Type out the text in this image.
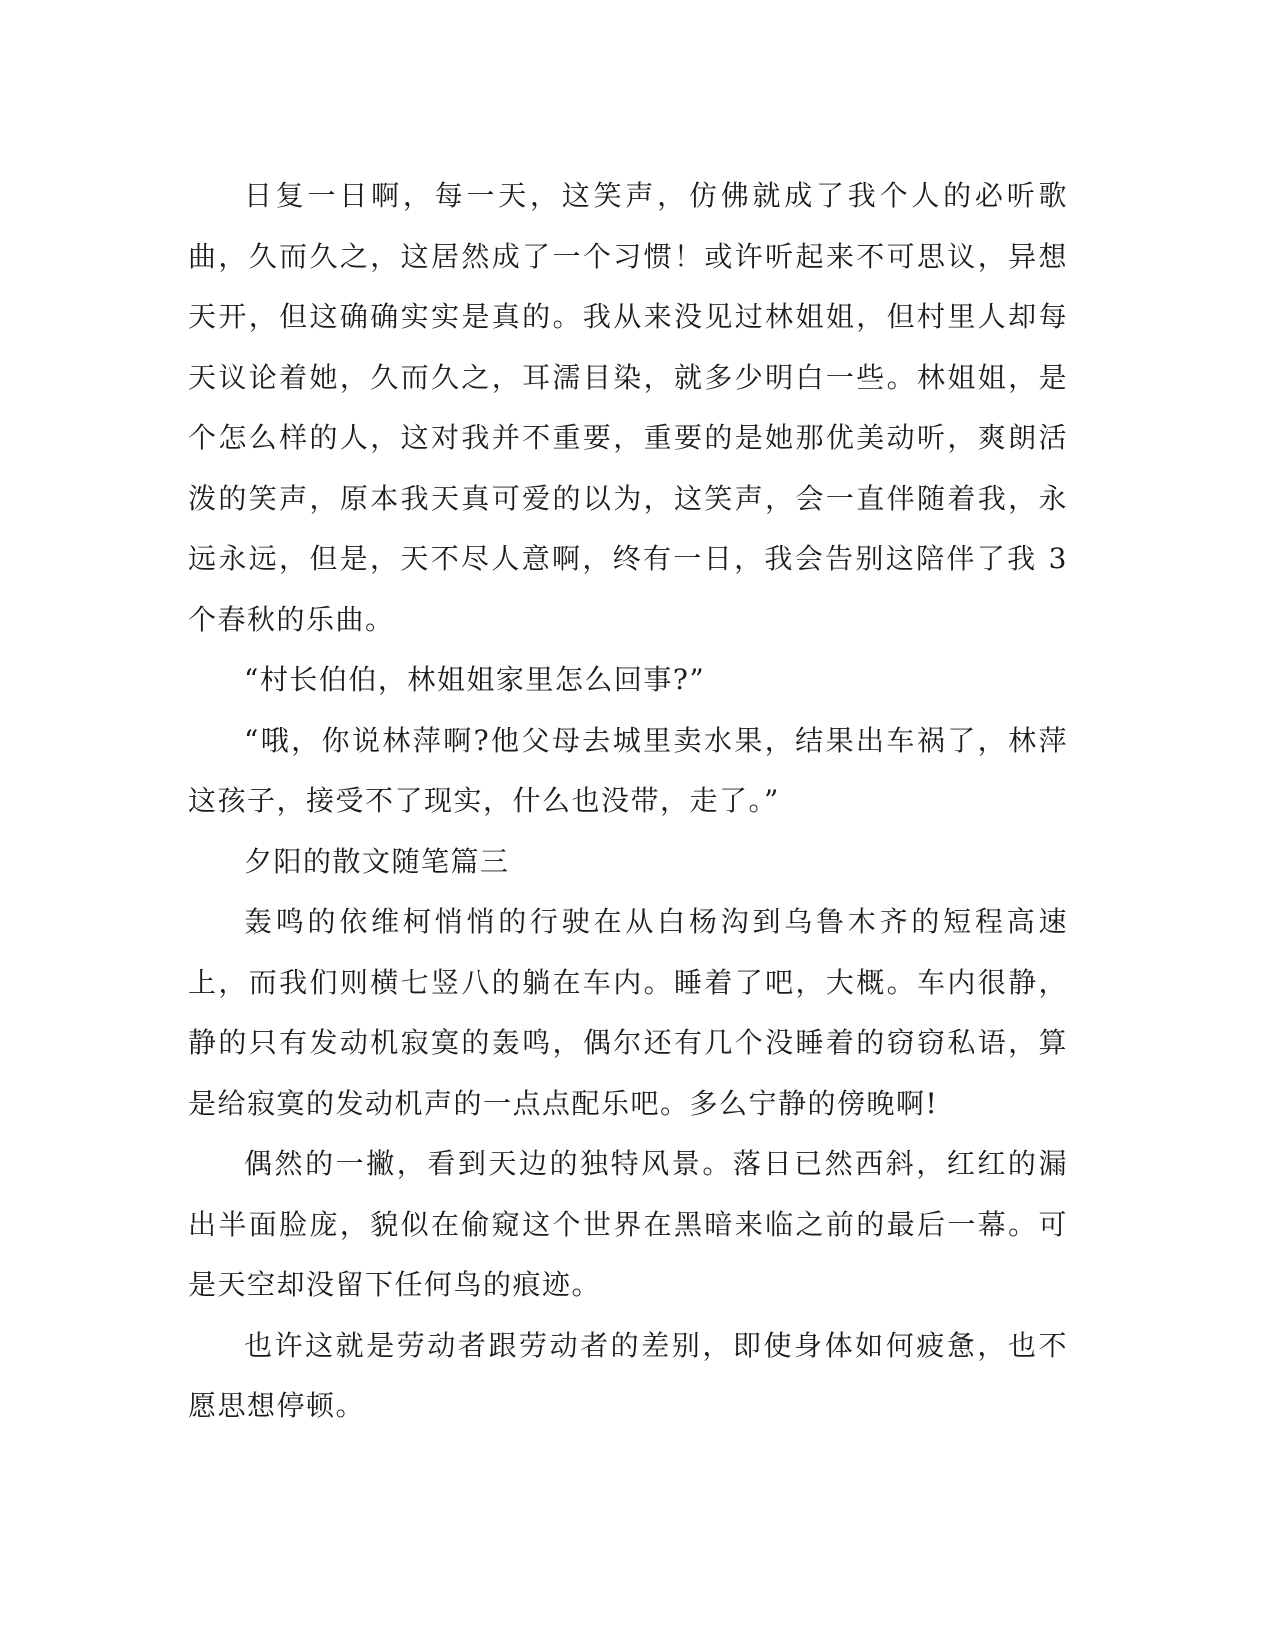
日复一日啊，每一天，这笑声，仿佛就成了我个人的必听歌曲，久而久之，这居然成了一个习惯！或许听起来不可思议，异想天开，但这确确实实是真的。我从来没见过林姐姐，但村里人却每天议论着她，久而久之，耳濡目染，就多少明白一些。林姐姐，是个怎么样的人，这对我并不重要，重要的是她那优美动听，爽朗活泼的笑声，原本我天真可爱的以为，这笑声，会一直伴随着我，永远永远，但是，天不尽人意啊，终有一日，我会告别这陪伴了我 3 个春秋的乐曲。

“村长伯伯，林姐姐家里怎么回事?”

“哦，你说林萍啊?他父母去城里卖水果，结果出车祸了，林萍这孩子，接受不了现实，什么也没带，走了。”

夕阳的散文随笔篇三

轰鸣的依维柯悄悄的行驶在从白杨沟到乌鲁木齐的短程高速上，而我们则横七竖八的躺在车内。睡着了吧，大概。车内很静，静的只有发动机寂寞的轰鸣，偶尔还有几个没睡着的窃窃私语，算是给寂寞的发动机声的一点点配乐吧。多么宁静的傍晚啊!

偶然的一撇，看到天边的独特风景。落日已然西斜，红红的漏出半面脸庞，貌似在偷窥这个世界在黑暗来临之前的最后一幕。可是天空却没留下任何鸟的痕迹。

也许这就是劳动者跟劳动者的差别，即使身体如何疲惫，也不愿思想停顿。
